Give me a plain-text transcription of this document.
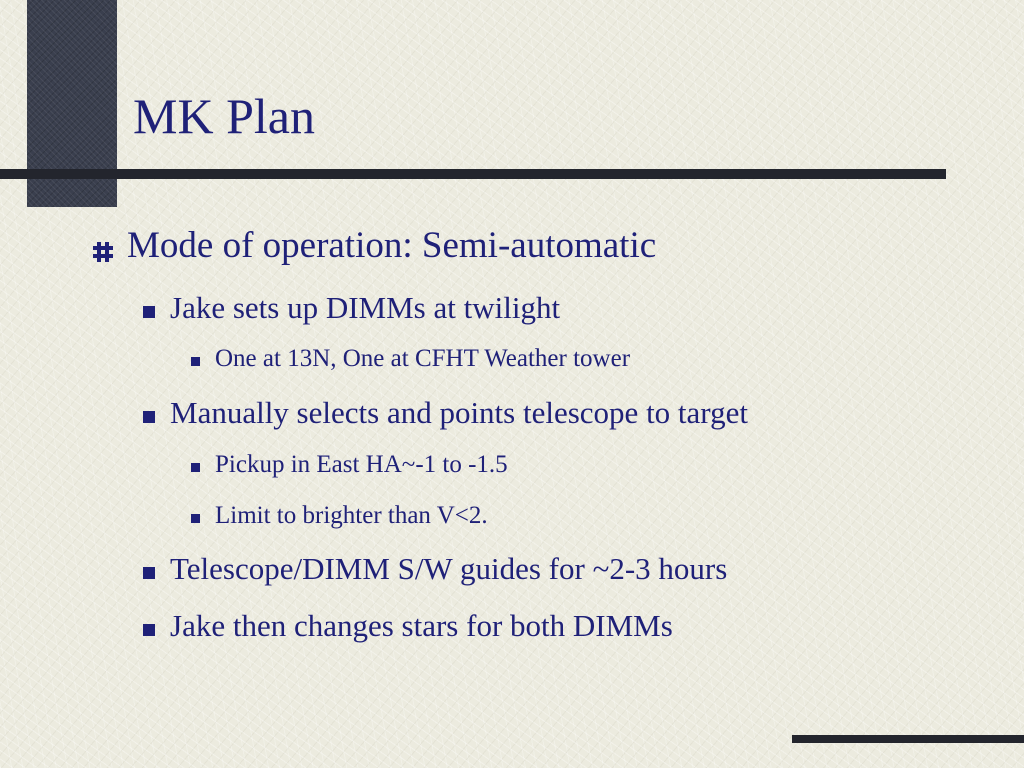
MK Plan
Mode of operation: Semi-automatic
Jake sets up DIMMs at twilight
One at 13N, One at CFHT Weather tower
Manually selects and points telescope to target
Pickup in East HA~-1 to -1.5
Limit to brighter than V<2.
Telescope/DIMM S/W guides for ~2-3 hours
Jake then changes stars for both DIMMs
